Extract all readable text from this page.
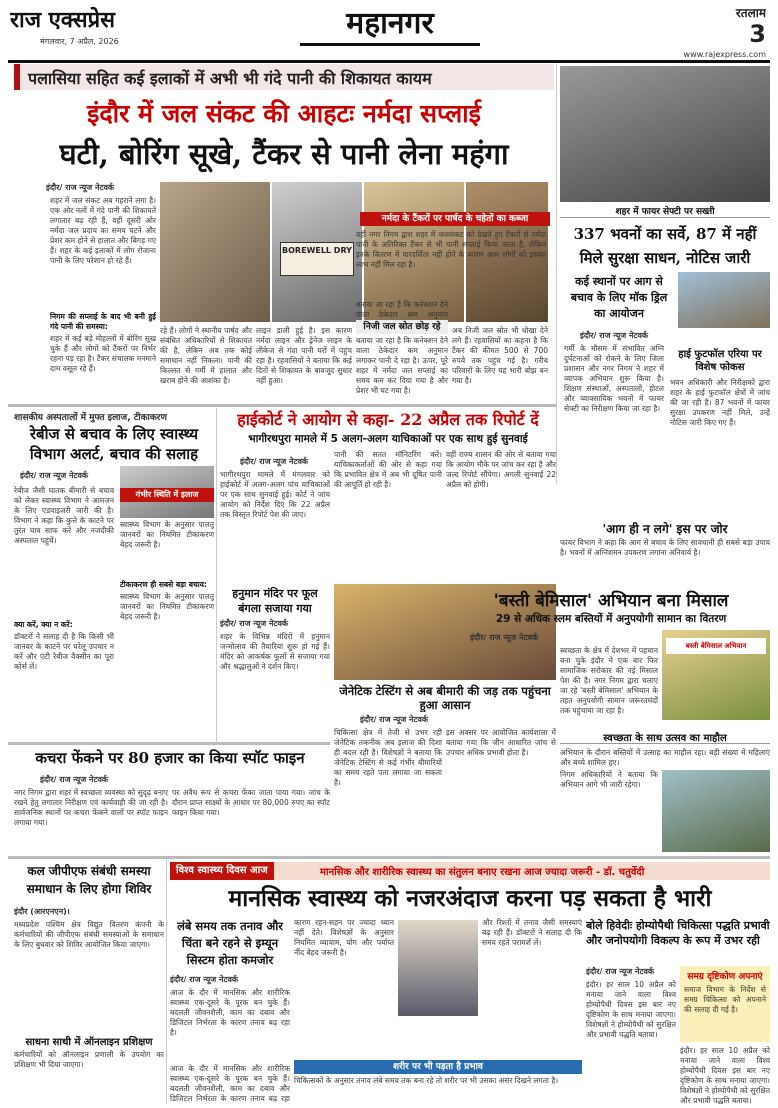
राज एक्सप्रेस
मंगलवार, 7 अप्रैल, 2026
महानगर	रतलाम
3
www.rajexpress.com
पलासिया सहित कई इलाकों में अभी भी गंदे पानी की शिकायत कायम
इंदौर में जल संकट की आहटः नर्मदा सप्लाई
घटी, बोरिंग सूखे, टैंकर से पानी लेना महंगा
इंदौर/ राज न्यूज नेटवर्क
शहर में जल संकट अब गहराने लगा है। एक ओर नलों में गंदे पानी की शिकायतें लगातार बढ़ रही हैं, वहीं दूसरी ओर नर्मदा जल प्रदाय का समय घटने और प्रेशर कम होने से हालात और बिगड़ गए हैं। शहर के कई इलाकों में लोग रोजाना पानी के लिए परेशान हो रहे हैं।
निगम की सप्लाई के बाद भी बनी हुई गंदे पानी की समस्या:
शहर में कई बड़े मोहल्लों में बोरिंग सूख चुके हैं और लोगों को टैंकरों पर निर्भर रहना पड़ रहा है। टैंकर संचालक मनमाने दाम वसूल रहे हैं।
BOREWELL DRY
नर्मदा के टैंकरों पर पार्षद के चहेतों का कब्जा
रहे हैं। लोगों ने स्थानीय पार्षद और संबंधित अधिकारियों से शिकायत की है, लेकिन अब तक कोई समाधान नहीं निकला। पानी की किल्लत से गर्मी में हालात और खराब होने की आशंका है।
लाइन डाली हुई है। इस कारण नर्मदा लाइन और ड्रेनेज लाइन के लीकेज से गंदा पानी घरों में पहुंच रहा है। रहवासियों ने बताया कि कई दिनों से शिकायत के बावजूद सुधार नहीं हुआ।
वहीं नगर निगम द्वारा शहर में जलसंकट को देखते हुए टैंकरों से नर्मदा पानी के अतिरिक्त टैंकर से भी पानी सप्लाई किया जाता है, लेकिन इनके वितरण में पारदर्शिता नहीं होने के कारण आम लोगों को इसका लाभ नहीं मिल रहा है।
बताया जा रहा है कि कनेक्शन देने वाला ठेकेदार कम अनुमान
निजी जल स्रोत छोड़ रहे
बताया जा रहा है कि कनेक्शन देने वाला ठेकेदार कम अनुमान लगाकर पानी दे रहा है। ऊपर, पूरे शहर में नर्मदा जल सप्लाई का समय कम कर दिया गया है और प्रेशर भी घट गया है।
अब निजी जल स्रोत भी धोखा देने लगे हैं। रहवासियों का कहना है कि टैंकर की कीमत 500 से 700 रुपये तक पहुंच गई है। गरीब परिवारों के लिए यह भारी बोझ बन गया है।
शहर में फायर सेफ्टी पर सख्ती
337 भवनों का सर्वे, 87 में नहीं मिले सुरक्षा साधन, नोटिस जारी
कई स्थानों पर आग से बचाव के लिए मॉक ड्रिल का आयोजन
इंदौर/ राज न्यूज नेटवर्क
गर्मी के मौसम में संभावित अग्नि दुर्घटनाओं को रोकने के लिए जिला प्रशासन और नगर निगम ने शहर में व्यापक अभियान शुरू किया है। शिक्षण संस्थाओं, अस्पतालों, होटल और व्यावसायिक भवनों में फायर सेफ्टी का निरीक्षण किया जा रहा है।
हाई फुटफॉल एरिया पर विशेष फोकस
भवन अधिकारी और निरीक्षकों द्वारा शहर के हाई फुटफॉल क्षेत्रों में जांच की जा रही है। 87 भवनों में फायर सुरक्षा उपकरण नहीं मिले, उन्हें नोटिस जारी किए गए हैं।
शासकीय अस्पतालों में मुफ्त इलाज, टीकाकरण
रेबीज से बचाव के लिए स्वास्थ्य विभाग अलर्ट, बचाव की सलाह
इंदौर/ राज न्यूज नेटवर्क
गंभीर स्थिति में इलाज
रेबीज जैसी घातक बीमारी से बचाव को लेकर स्वास्थ्य विभाग ने आमजन के लिए एडवाइजरी जारी की है। विभाग ने कहा कि कुत्ते के काटने पर तुरंत घाव साफ करें और नजदीकी अस्पताल पहुंचें।
क्या करें, क्या न करें:
डॉक्टरों ने सलाह दी है कि किसी भी जानवर के काटने पर घरेलू उपचार न करें और एंटी रेबीज वैक्सीन का पूरा कोर्स लें।
स्वास्थ्य विभाग के अनुसार पालतू जानवरों का नियमित टीकाकरण बेहद जरूरी है।
टीकाकरण ही सबसे बड़ा बचाव:
स्वास्थ्य विभाग के अनुसार पालतू जानवरों का नियमित टीकाकरण बेहद जरूरी है।
हाईकोर्ट ने आयोग से कहा- 22 अप्रैल तक रिपोर्ट दें
भागीरथपुरा मामले में 5 अलग-अलग याचिकाओं पर एक साथ हुई सुनवाई
इंदौर/ राज न्यूज नेटवर्क
भागीरथपुरा मामले में मंगलवार को हाईकोर्ट में अलग-अलग पांच याचिकाओं पर एक साथ सुनवाई हुई। कोर्ट ने जांच आयोग को निर्देश दिए कि 22 अप्रैल तक विस्तृत रिपोर्ट पेश की जाए।
पानी की सतत मॉनिटरिंग करें। याचिकाकर्ताओं की ओर से कहा गया कि प्रभावित क्षेत्र में अब भी दूषित पानी की आपूर्ति हो रही है।
वहीं राज्य शासन की ओर से बताया गया कि आयोग मौके पर जांच कर रहा है और जल्द रिपोर्ट सौंपेगा। अगली सुनवाई 22 अप्रैल को होगी।
हनुमान मंदिर पर फूल बंगला सजाया गया
इंदौर/ राज न्यूज नेटवर्क
शहर के विभिन्न मंदिरों में हनुमान जन्मोत्सव की तैयारियां शुरू हो गई हैं। मंदिर को आकर्षक फूलों से सजाया गया और श्रद्धालुओं ने दर्शन किए।
जेनेटिक टेस्टिंग से अब बीमारी की जड़ तक पहुंचना हुआ आसान
इंदौर/ राज न्यूज नेटवर्क
चिकित्सा क्षेत्र में तेजी से उभर रही जेनेटिक तकनीक अब इलाज की दिशा ही बदल रही है। विशेषज्ञों ने बताया कि जेनेटिक टेस्टिंग से कई गंभीर बीमारियों का समय रहते पता लगाया जा सकता है।
इस अवसर पर आयोजित कार्यशाला में बताया गया कि जीन आधारित जांच से उपचार अधिक प्रभावी होता है।
'आग ही न लगे' इस पर जोर
फायर विभाग ने कहा कि आग से बचाव के लिए सावधानी ही सबसे बड़ा उपाय है। भवनों में अग्निशमन उपकरण लगाना अनिवार्य है।
'बस्ती बेमिसाल' अभियान बना मिसाल
29 से अधिक स्लम बस्तियों में अनुपयोगी सामान का वितरण
इंदौर/ राज न्यूज नेटवर्क
स्वच्छता के क्षेत्र में देशभर में पहचान बना चुके इंदौर ने एक बार फिर सामाजिक सरोकार की नई मिसाल पेश की है। नगर निगम द्वारा चलाए जा रहे 'बस्ती बेमिसाल' अभियान के तहत अनुपयोगी सामान जरूरतमंदों तक पहुंचाया जा रहा है।
बस्ती बेमिसाल अभियान
स्वच्छता के साथ उत्सव का माहौल
अभियान के दौरान बस्तियों में उत्साह का माहौल रहा। बड़ी संख्या में महिलाएं और बच्चे शामिल हुए।
निगम अधिकारियों ने बताया कि अभियान आगे भी जारी रहेगा।
कचरा फेंकने पर 80 हजार का किया स्पॉट फाइन
इंदौर/ राज न्यूज नेटवर्क
नगर निगम द्वारा शहर में स्वच्छता व्यवस्था को सुदृढ़ बनाए रखने हेतु लगातार निरीक्षण एवं कार्यवाही की जा रही है। सार्वजनिक स्थानों पर कचरा फेंकने वालों पर स्पॉट फाइन लगाया गया।
पर अवैध रूप से कचरा फेंका जाता पाया गया। जांच के दौरान प्राप्त साक्ष्यों के आधार पर 80,000 रुपए का स्पॉट फाइन किया गया।
कल जीपीएफ संबंधी समस्या समाधान के लिए होगा शिविर
इंदौर (आरएनएन)।
मध्यप्रदेश पश्चिम क्षेत्र विद्युत वितरण कंपनी के कर्मचारियों की जीपीएफ संबंधी समस्याओं के समाधान के लिए बुधवार को शिविर आयोजित किया जाएगा।
साधना साथी में ऑनलाइन प्रशिक्षण
कर्मचारियों को ऑनलाइन प्रणाली के उपयोग का प्रशिक्षण भी दिया जाएगा।
विश्व स्वास्थ्य दिवस आज	मानसिक और शारीरिक स्वास्थ्य का संतुलन बनाए रखना आज ज्यादा जरूरी - डॉ. चतुर्वेदी
मानसिक स्वास्थ्य को नजरअंदाज करना पड़ सकता है भारी
लंबे समय तक तनाव और चिंता बने रहने से इम्यून सिस्टम होता कमजोर
इंदौर/ राज न्यूज नेटवर्क
आज के दौर में मानसिक और शारीरिक स्वास्थ्य एक-दूसरे के पूरक बन चुके हैं। बदलती जीवनशैली, काम का दबाव और डिजिटल निर्भरता के कारण तनाव बढ़ रहा है।
कारण रहन-सहन पर ज्यादा ध्यान नहीं देते। विशेषज्ञों के अनुसार नियमित व्यायाम, योग और पर्याप्त नींद बेहद जरूरी है।
और रिश्तों में तनाव जैसी समस्याएं बढ़ रही हैं। डॉक्टरों ने सलाह दी कि समय रहते परामर्श लें।
शरीर पर भी पड़ता है प्रभाव
चिकित्सकों के अनुसार तनाव लंबे समय तक बना रहे तो शरीर पर भी उसका असर दिखने लगता है।
आज के दौर में मानसिक और शारीरिक स्वास्थ्य एक-दूसरे के पूरक बन चुके हैं। बदलती जीवनशैली, काम का दबाव और डिजिटल निर्भरता के कारण तनाव बढ़ रहा
बोले हिवेदीः होम्योपैथी चिकित्सा पद्धति प्रभावी और जनोपयोगी विकल्प के रूप में उभर रही
इंदौर/ राज न्यूज नेटवर्क
इंदौर। हर साल 10 अप्रैल को मनाया जाने वाला विश्व होम्योपैथी दिवस इस बार नए दृष्टिकोण के साथ मनाया जाएगा। विशेषज्ञों ने होम्योपैथी को सुरक्षित और प्रभावी पद्धति बताया।
समग्र दृष्टिकोण अपनाएं
समाज विभाग के निर्देश से समग्र चिकित्सा को अपनाने की सलाह दी गई है।
इंदौर। हर साल 10 अप्रैल को मनाया जाने वाला विश्व होम्योपैथी दिवस इस बार नए दृष्टिकोण के साथ मनाया जाएगा। विशेषज्ञों ने होम्योपैथी को सुरक्षित और प्रभावी पद्धति बताया।
